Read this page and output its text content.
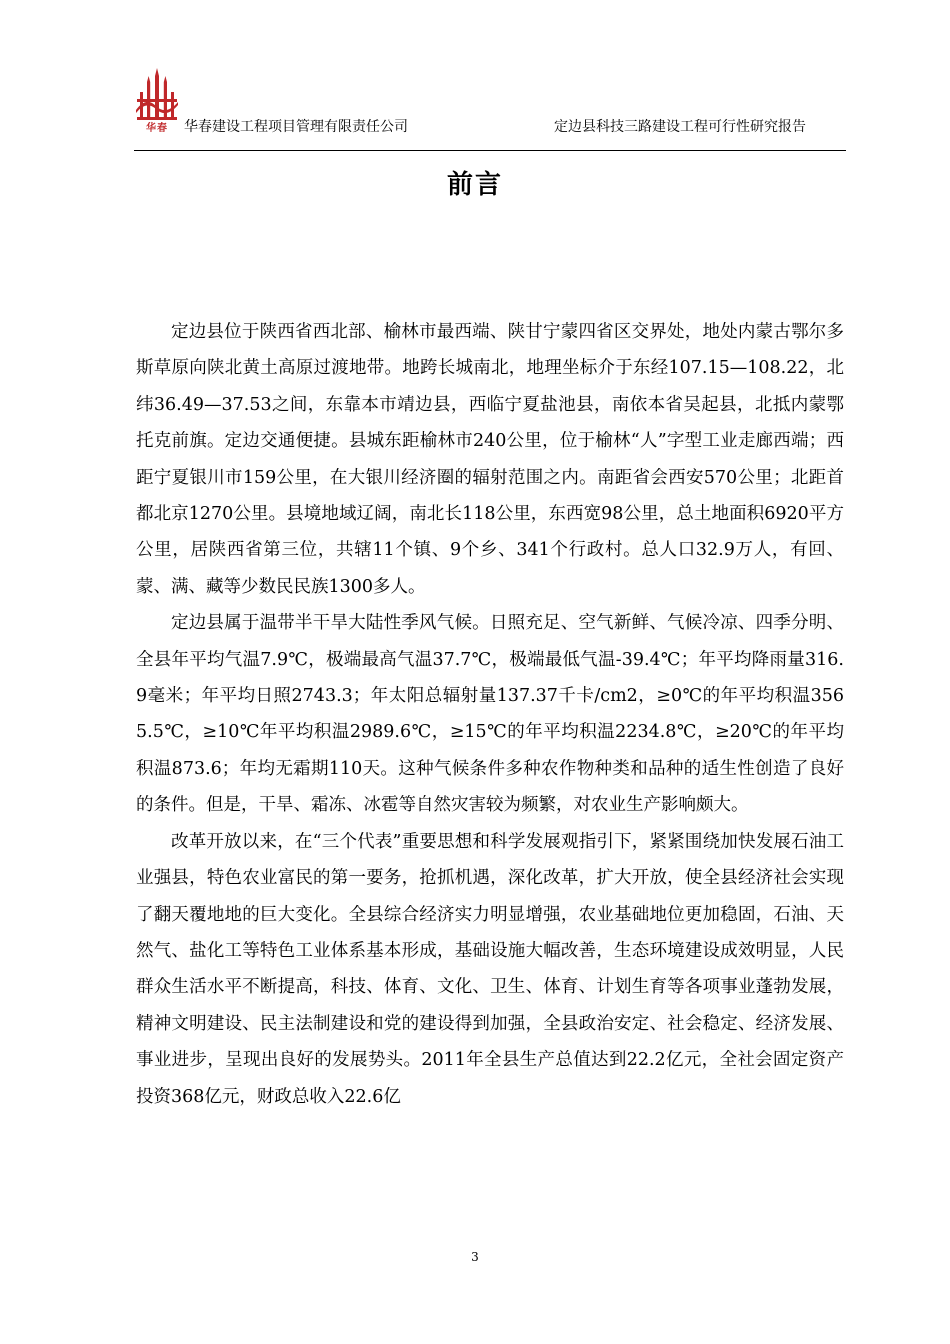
华春	华春建设工程项目管理有限责任公司	定边县科技三路建设工程可行性研究报告
前言

定边县位于陕西省西北部、榆林市最西端、陕甘宁蒙四省区交界处，地处内蒙古鄂尔多斯草原向陕北黄土高原过渡地带。地跨长城南北，地理坐标介于东经107.15—108.22，北纬36.49—37.53之间，东靠本市靖边县，西临宁夏盐池县，南依本省吴起县，北抵内蒙鄂托克前旗。定边交通便捷。县城东距榆林市240公里，位于榆林“人”字型工业走廊西端；西距宁夏银川市159公里，在大银川经济圈的辐射范围之内。南距省会西安570公里；北距首都北京1270公里。县境地域辽阔，南北长118公里，东西宽98公里，总土地面积6920平方公里，居陕西省第三位，共辖11个镇、9个乡、341个行政村。总人口32.9万人，有回、蒙、满、藏等少数民民族1300多人。

定边县属于温带半干旱大陆性季风气候。日照充足、空气新鲜、气候冷凉、四季分明、全县年平均气温7.9℃，极端最高气温37.7℃，极端最低气温-39.4℃；年平均降雨量316.9毫米；年平均日照2743.3；年太阳总辐射量137.37千卡/cm2，≥0℃的年平均积温3565.5℃，≥10℃年平均积温2989.6℃，≥15℃的年平均积温2234.8℃，≥20℃的年平均积温873.6；年均无霜期110天。这种气候条件多种农作物种类和品种的适生性创造了良好的条件。但是，干旱、霜冻、冰雹等自然灾害较为频繁，对农业生产影响颇大。

改革开放以来，在“三个代表”重要思想和科学发展观指引下，紧紧围绕加快发展石油工业强县，特色农业富民的第一要务，抢抓机遇，深化改革，扩大开放，使全县经济社会实现了翻天覆地地的巨大变化。全县综合经济实力明显增强，农业基础地位更加稳固，石油、天然气、盐化工等特色工业体系基本形成，基础设施大幅改善，生态环境建设成效明显，人民群众生活水平不断提高，科技、体育、文化、卫生、体育、计划生育等各项事业蓬勃发展，精神文明建设、民主法制建设和党的建设得到加强，全县政治安定、社会稳定、经济发展、事业进步，呈现出良好的发展势头。2011年全县生产总值达到22.2亿元，全社会固定资产投资368亿元，财政总收入22.6亿

3
